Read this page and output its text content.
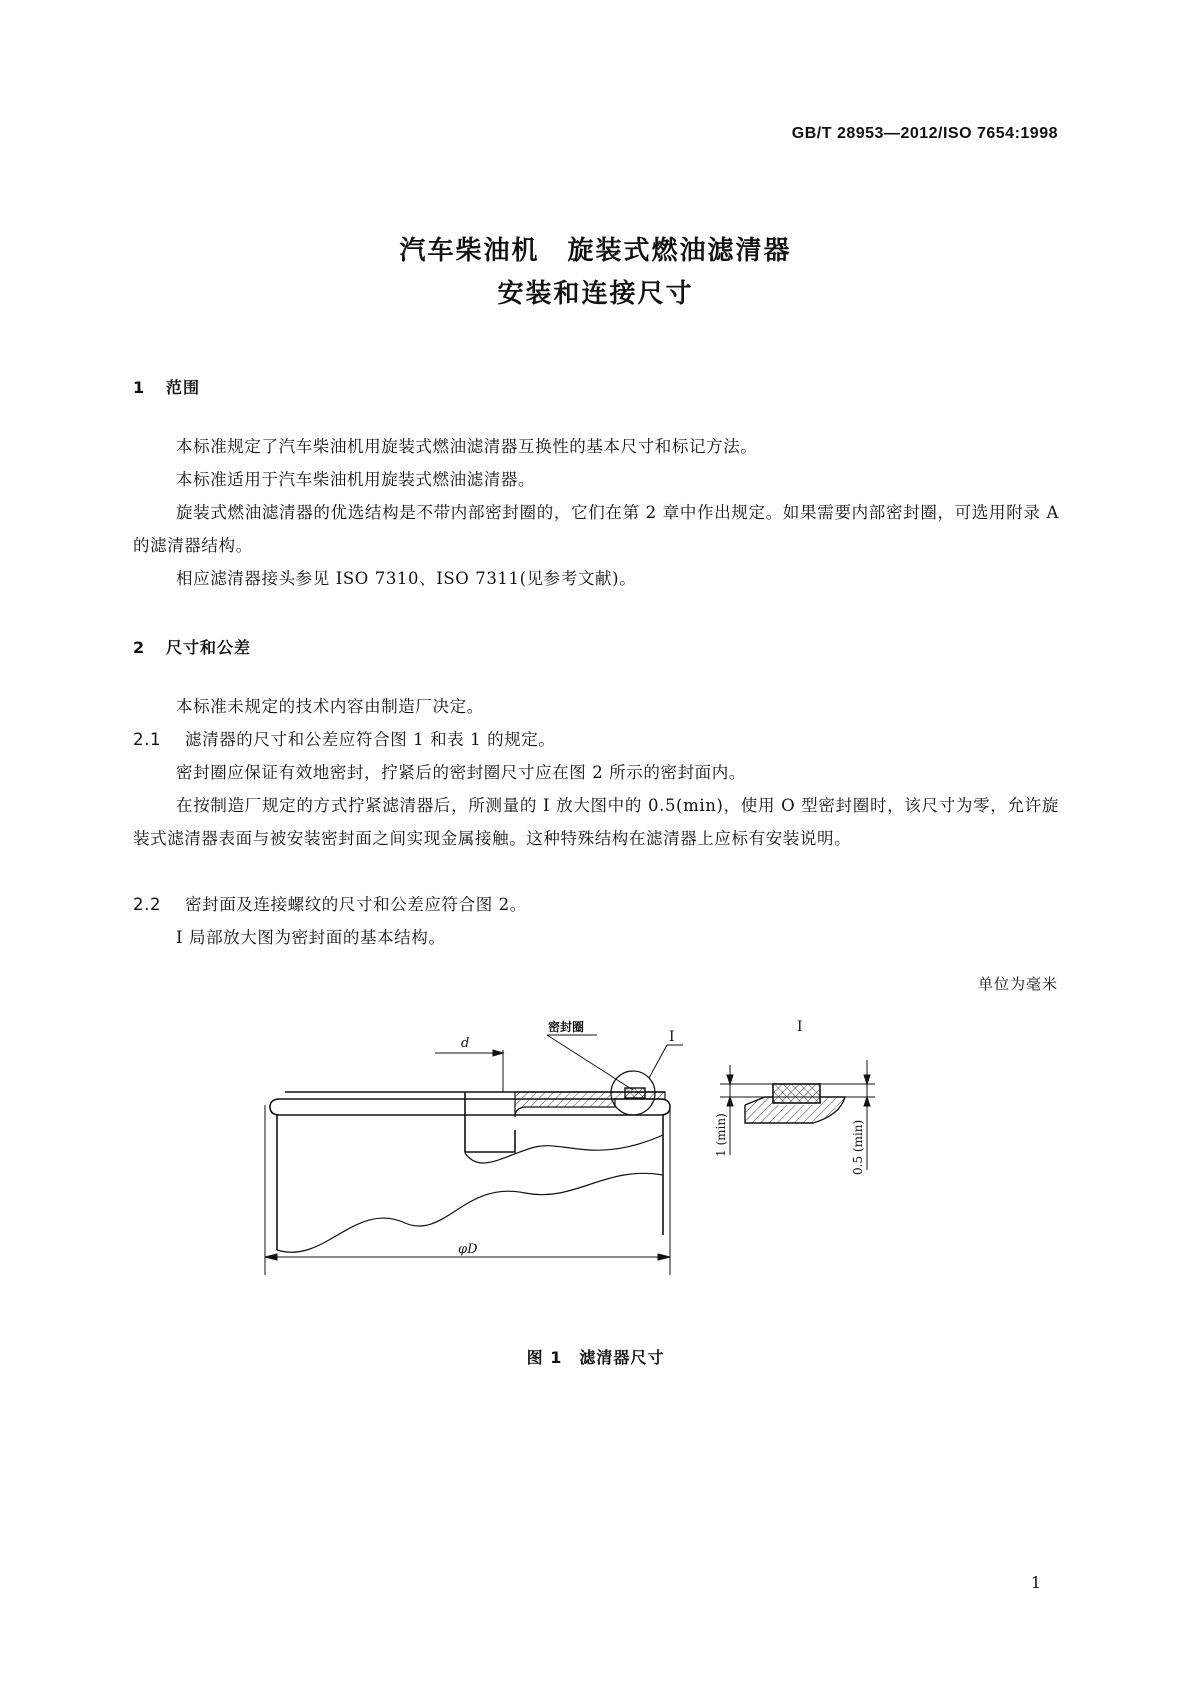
GB/T 28953—2012/ISO 7654:1998
汽车柴油机　旋装式燃油滤清器
安装和连接尺寸
1 范围
本标准规定了汽车柴油机用旋装式燃油滤清器互换性的基本尺寸和标记方法。
本标准适用于汽车柴油机用旋装式燃油滤清器。
旋装式燃油滤清器的优选结构是不带内部密封圈的，它们在第 2 章中作出规定。如果需要内部密封圈，可选用附录 A 的滤清器结构。
相应滤清器接头参见 ISO 7310、ISO 7311(见参考文献)。
2 尺寸和公差
本标准未规定的技术内容由制造厂决定。
2.1 滤清器的尺寸和公差应符合图 1 和表 1 的规定。
密封圈应保证有效地密封，拧紧后的密封圈尺寸应在图 2 所示的密封面内。
在按制造厂规定的方式拧紧滤清器后，所测量的 I 放大图中的 0.5(min)，使用 O 型密封圈时，该尺寸为零，允许旋装式滤清器表面与被安装密封面之间实现金属接触。这种特殊结构在滤清器上应标有安装说明。
2.2 密封面及连接螺纹的尺寸和公差应符合图 2。
I 局部放大图为密封面的基本结构。
单位为毫米
I
密封圈
d
φD
I
1 (min)	0.5 (min)
图 1　滤清器尺寸
1
